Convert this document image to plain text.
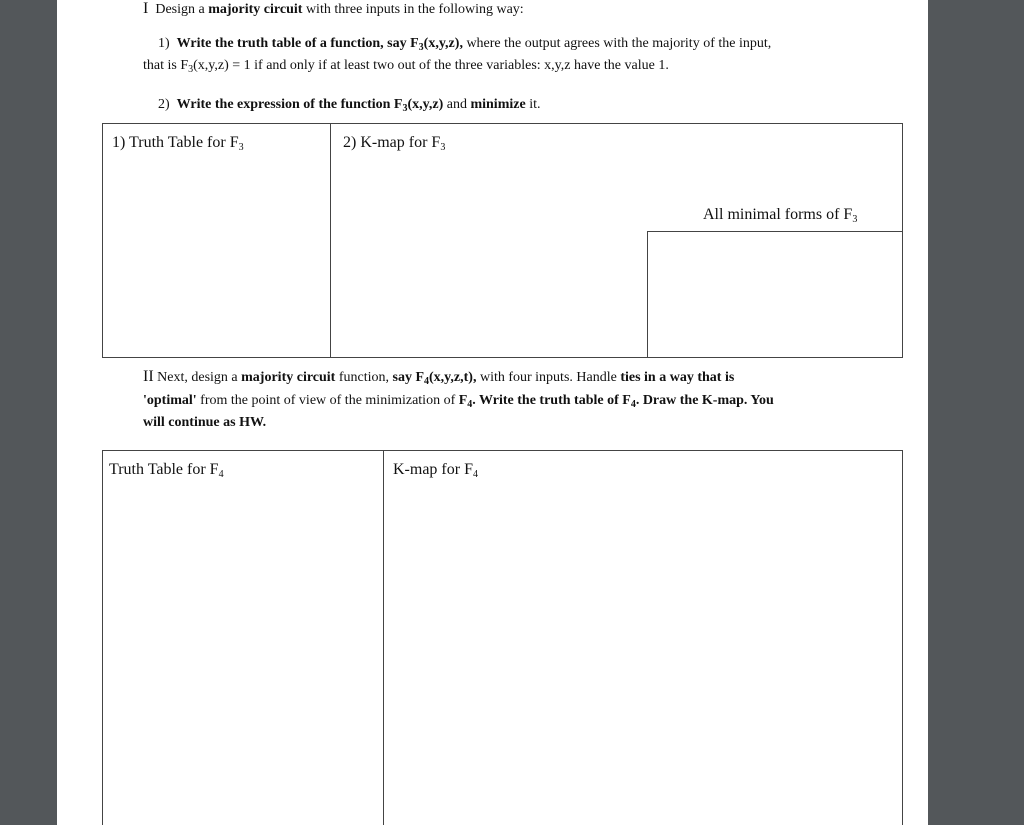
I Design a majority circuit with three inputs in the following way:
1) Write the truth table of a function, say $F_3(x,y,z)$, where the output agrees with the majority of the input,
that is $F_3(x,y,z) = 1$ if and only if at least two out of the three variables: x,y,z have the value 1.
2) Write the expression of the function $F_3(x,y,z)$ and minimize it.
1) Truth Table for $F_3$	2) K-map for $F_3$
All minimal forms of $F_3$
II Next, design a majority circuit function, say $F_4(x,y,z,t)$, with four inputs. Handle ties in a way that is
'optimal' from the point of view of the minimization of $F_4$. Write the truth table of $F_4$. Draw the K-map. You
will continue as HW.
Truth Table for $F_4$	K-map for $F_4$
